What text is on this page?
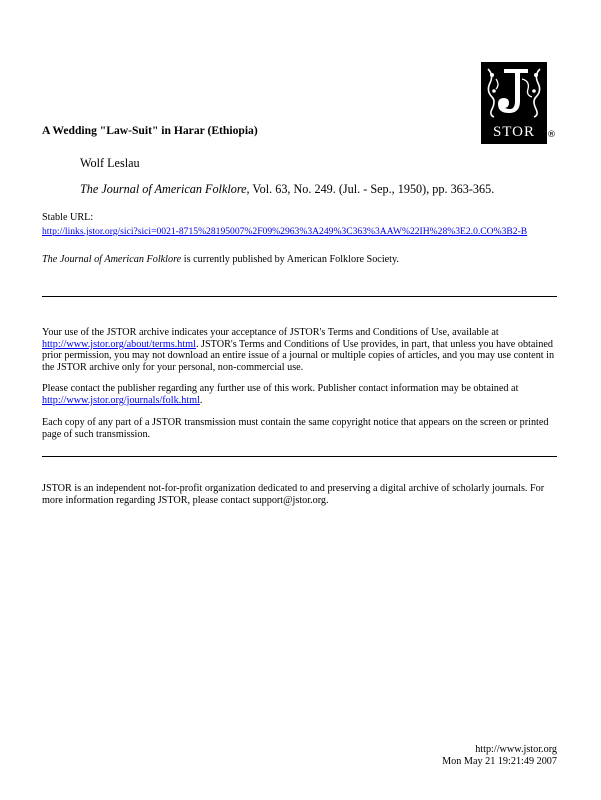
STOR	®
A Wedding "Law-Suit" in Harar (Ethiopia)
Wolf Leslau
The Journal of American Folklore, Vol. 63, No. 249. (Jul. - Sep., 1950), pp. 363-365.
Stable URL:
http://links.jstor.org/sici?sici=0021-8715%28195007%2F09%2963%3A249%3C363%3AAW%22IH%28%3E2.0.CO%3B2-B
The Journal of American Folklore is currently published by American Folklore Society.
Your use of the JSTOR archive indicates your acceptance of JSTOR's Terms and Conditions of Use, available at http://www.jstor.org/about/terms.html. JSTOR's Terms and Conditions of Use provides, in part, that unless you have obtained prior permission, you may not download an entire issue of a journal or multiple copies of articles, and you may use content in the JSTOR archive only for your personal, non-commercial use.
Please contact the publisher regarding any further use of this work. Publisher contact information may be obtained at http://www.jstor.org/journals/folk.html.
Each copy of any part of a JSTOR transmission must contain the same copyright notice that appears on the screen or printed page of such transmission.
JSTOR is an independent not-for-profit organization dedicated to and preserving a digital archive of scholarly journals. For more information regarding JSTOR, please contact support@jstor.org.
http://www.jstor.org
Mon May 21 19:21:49 2007
